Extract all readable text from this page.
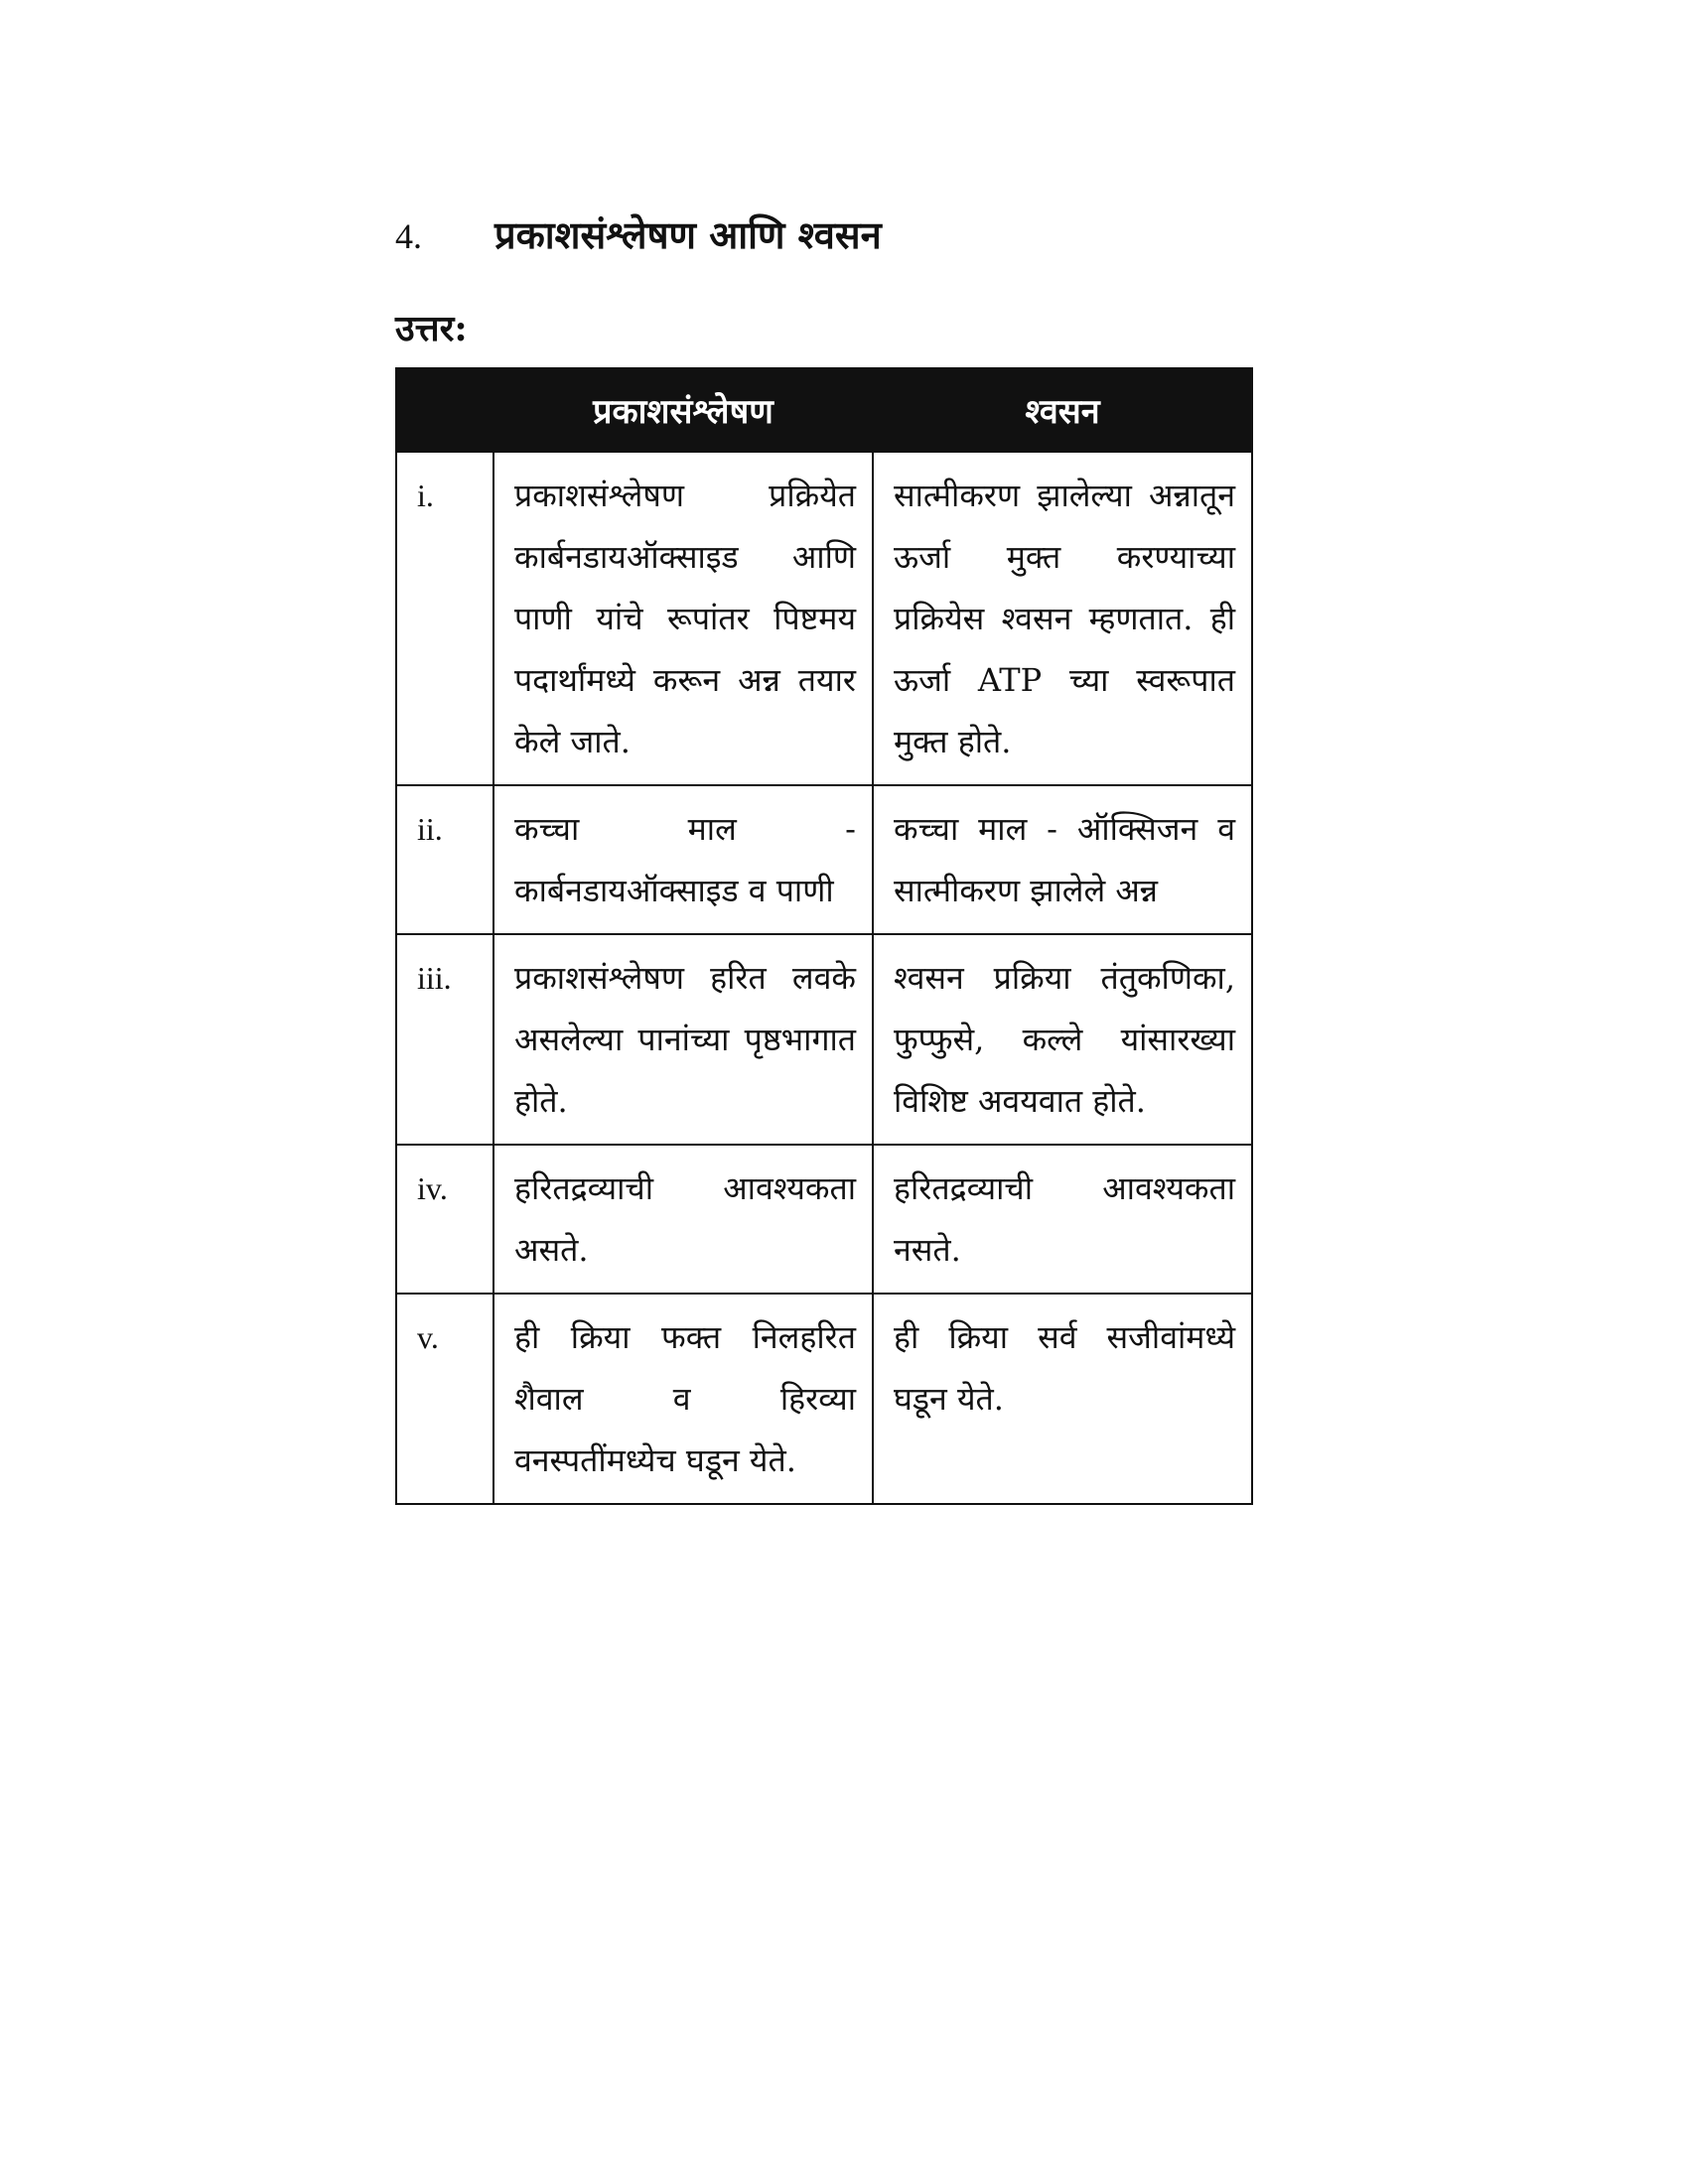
4.	प्रकाशसंश्लेषण आणि श्वसन
उत्तर:
	प्रकाशसंश्लेषण	श्वसन
i.	प्रकाशसंश्लेषण प्रक्रियेत कार्बनडायऑक्साइड आणि पाणी यांचे रूपांतर पिष्टमय पदार्थांमध्ये करून अन्न तयार केले जाते.	सात्मीकरण झालेल्या अन्नातून ऊर्जा मुक्त करण्याच्या प्रक्रियेस श्वसन म्हणतात. ही ऊर्जा ATP च्या स्वरूपात मुक्त होते.
ii.	कच्चा माल - कार्बनडायऑक्साइड व पाणी	कच्चा माल - ऑक्सिजन व सात्मीकरण झालेले अन्न
iii.	प्रकाशसंश्लेषण हरित लवके असलेल्या पानांच्या पृष्ठभागात होते.	श्वसन प्रक्रिया तंतुकणिका, फुप्फुसे, कल्ले यांसारख्या विशिष्ट अवयवात होते.
iv.	हरितद्रव्याची आवश्यकता असते.	हरितद्रव्याची आवश्यकता नसते.
v.	ही क्रिया फक्त निलहरित शैवाल व हिरव्या वनस्पतींमध्येच घडून येते.	ही क्रिया सर्व सजीवांमध्ये घडून येते.
